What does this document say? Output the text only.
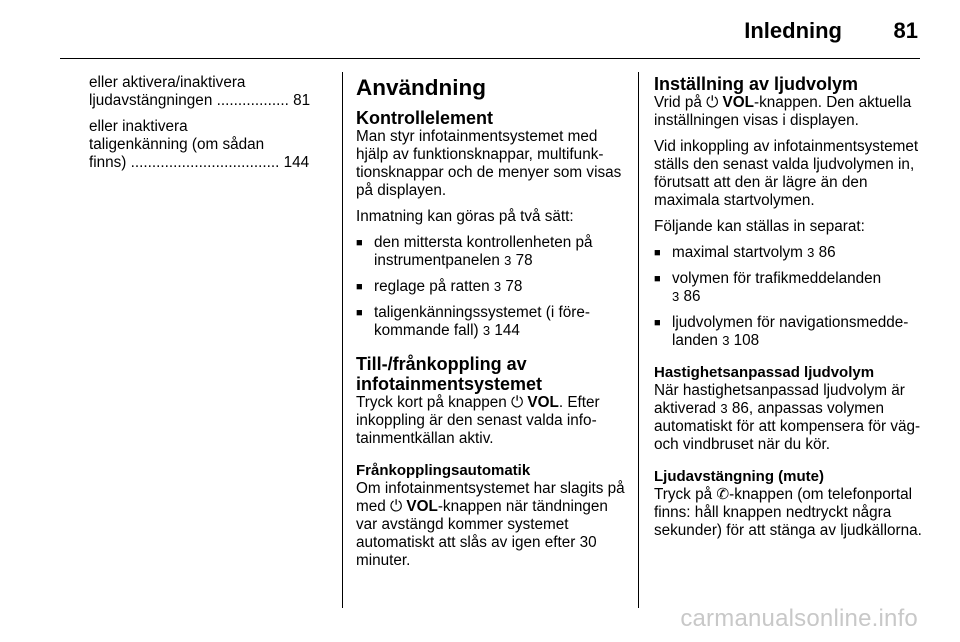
Inledning 81

eller aktivera/inaktivera
ljudavstängningen ................. 81

eller inaktivera
taligenkänning (om sådan
finns) ................................... 144

Användning
Kontrollelement

Man styr infotainmentsystemet med hjälp av funktionsknappar, multifunktionsknappar och de menyer som visas på displayen.

Inmatning kan göras på två sätt:

■ den mittersta kontrollenheten på instrumentpanelen 3 78
■ reglage på ratten 3 78
■ taligenkänningssystemet (i förekommande fall) 3 144
Till-/frånkoppling av
infotainmentsystemet

Tryck kort på knappen ⏻ VOL. Efter inkoppling är den senast valda infotainmentkällan aktiv.

Frånkopplingsautomatik

Om infotainmentsystemet har slagits på med ⏻ VOL-knappen när tändningen var avstängd kommer systemet automatiskt att slås av igen efter 30 minuter.

Inställning av ljudvolym

Vrid på ⏻ VOL-knappen. Den aktuella inställningen visas i displayen.

Vid inkoppling av infotainmentsystemet ställs den senast valda ljudvolymen in, förutsatt att den är lägre än den maximala startvolymen.

Följande kan ställas in separat:

■ maximal startvolym 3 86
■ volymen för trafikmeddelanden
3 86
■ ljudvolymen för navigationsmeddelanden 3 108
Hastighetsanpassad ljudvolym

När hastighetsanpassad ljudvolym är aktiverad 3 86, anpassas volymen automatiskt för att kompensera för väg- och vindbruset när du kör.

Ljudavstängning (mute)

Tryck på ✆-knappen (om telefonportal finns: håll knappen nedtryckt några sekunder) för att stänga av ljudkällorna.

carmanualsonline.info
